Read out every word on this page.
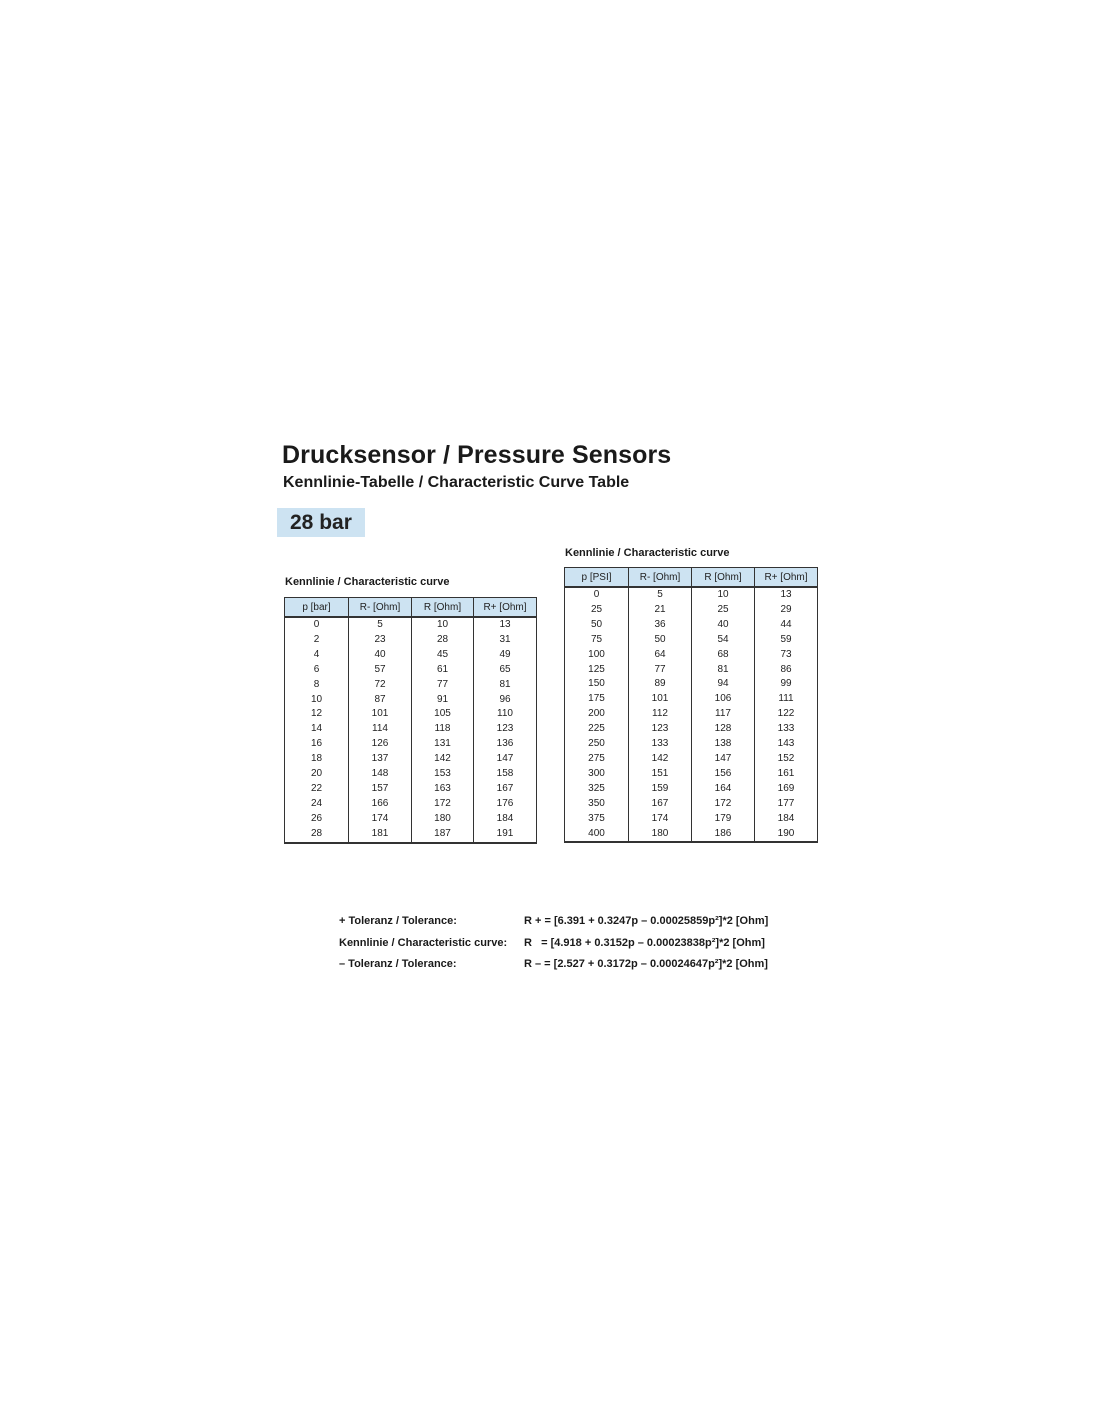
Drucksensor / Pressure Sensors
Kennlinie-Tabelle / Characteristic Curve Table
28 bar
Kennlinie / Characteristic curve
p [bar]	R- [Ohm]	R [Ohm]	R+ [Ohm]
0	5	10	13
2	23	28	31
4	40	45	49
6	57	61	65
8	72	77	81
10	87	91	96
12	101	105	110
14	114	118	123
16	126	131	136
18	137	142	147
20	148	153	158
22	157	163	167
24	166	172	176
26	174	180	184
28	181	187	191
Kennlinie / Characteristic curve
p [PSI]	R- [Ohm]	R [Ohm]	R+ [Ohm]
0	5	10	13
25	21	25	29
50	36	40	44
75	50	54	59
100	64	68	73
125	77	81	86
150	89	94	99
175	101	106	111
200	112	117	122
225	123	128	133
250	133	138	143
275	142	147	152
300	151	156	161
325	159	164	169
350	167	172	177
375	174	179	184
400	180	186	190
+ Toleranz / Tolerance:	R + = [6.391 + 0.3247p – 0.00025859p²]*2 [Ohm]
Kennlinie / Characteristic curve: R   = [4.918 + 0.3152p – 0.00023838p²]*2 [Ohm]
– Toleranz / Tolerance:	R – = [2.527 + 0.3172p – 0.00024647p²]*2 [Ohm]
